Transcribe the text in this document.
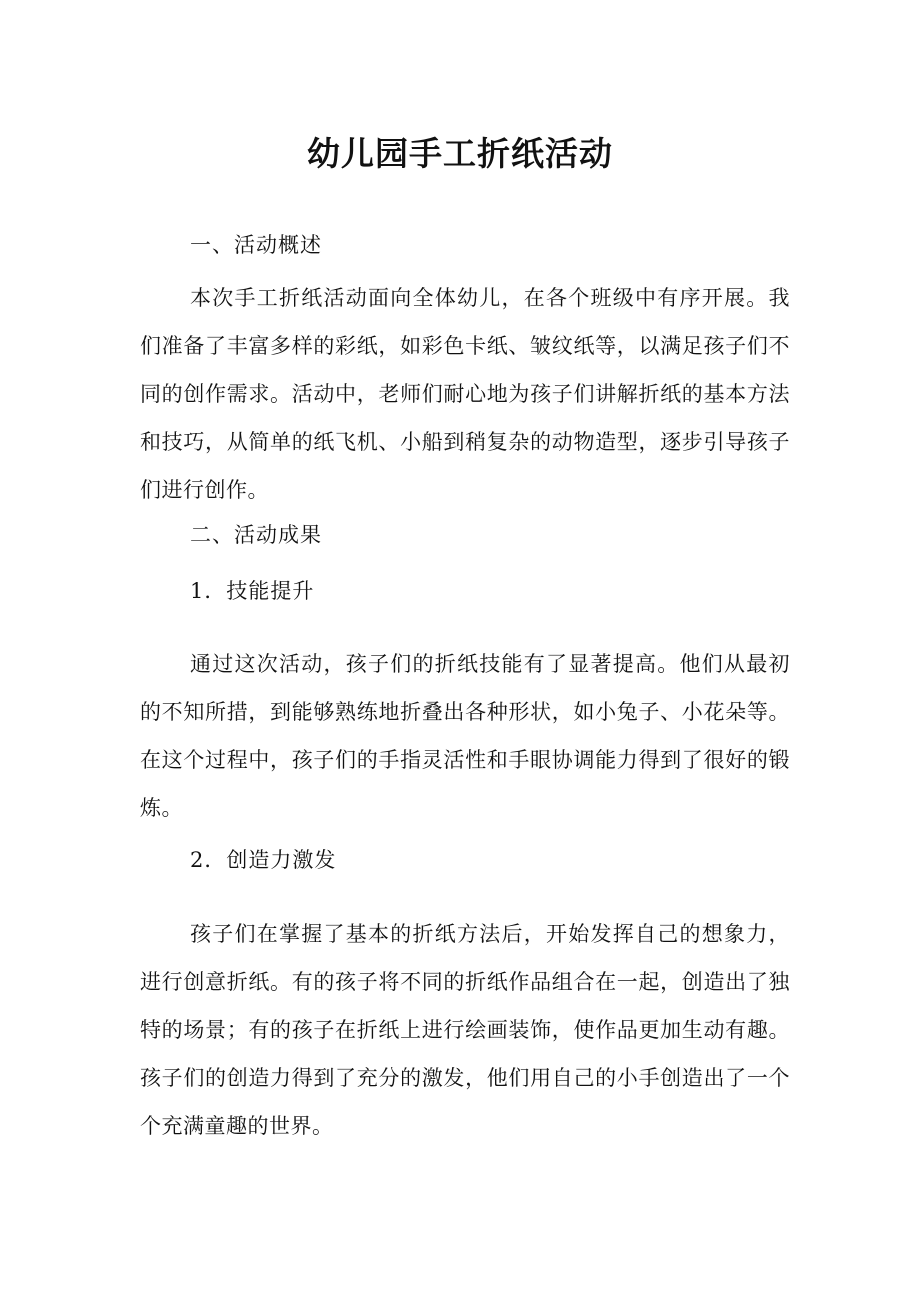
幼儿园手工折纸活动

一、活动概述

本次手工折纸活动面向全体幼儿，在各个班级中有序开展。我们准备了丰富多样的彩纸，如彩色卡纸、皱纹纸等，以满足孩子们不同的创作需求。活动中，老师们耐心地为孩子们讲解折纸的基本方法和技巧，从简单的纸飞机、小船到稍复杂的动物造型，逐步引导孩子们进行创作。

二、活动成果

1．技能提升

通过这次活动，孩子们的折纸技能有了显著提高。他们从最初的不知所措，到能够熟练地折叠出各种形状，如小兔子、小花朵等。在这个过程中，孩子们的手指灵活性和手眼协调能力得到了很好的锻炼。

2．创造力激发

孩子们在掌握了基本的折纸方法后，开始发挥自己的想象力，进行创意折纸。有的孩子将不同的折纸作品组合在一起，创造出了独特的场景；有的孩子在折纸上进行绘画装饰，使作品更加生动有趣。孩子们的创造力得到了充分的激发，他们用自己的小手创造出了一个个充满童趣的世界。
